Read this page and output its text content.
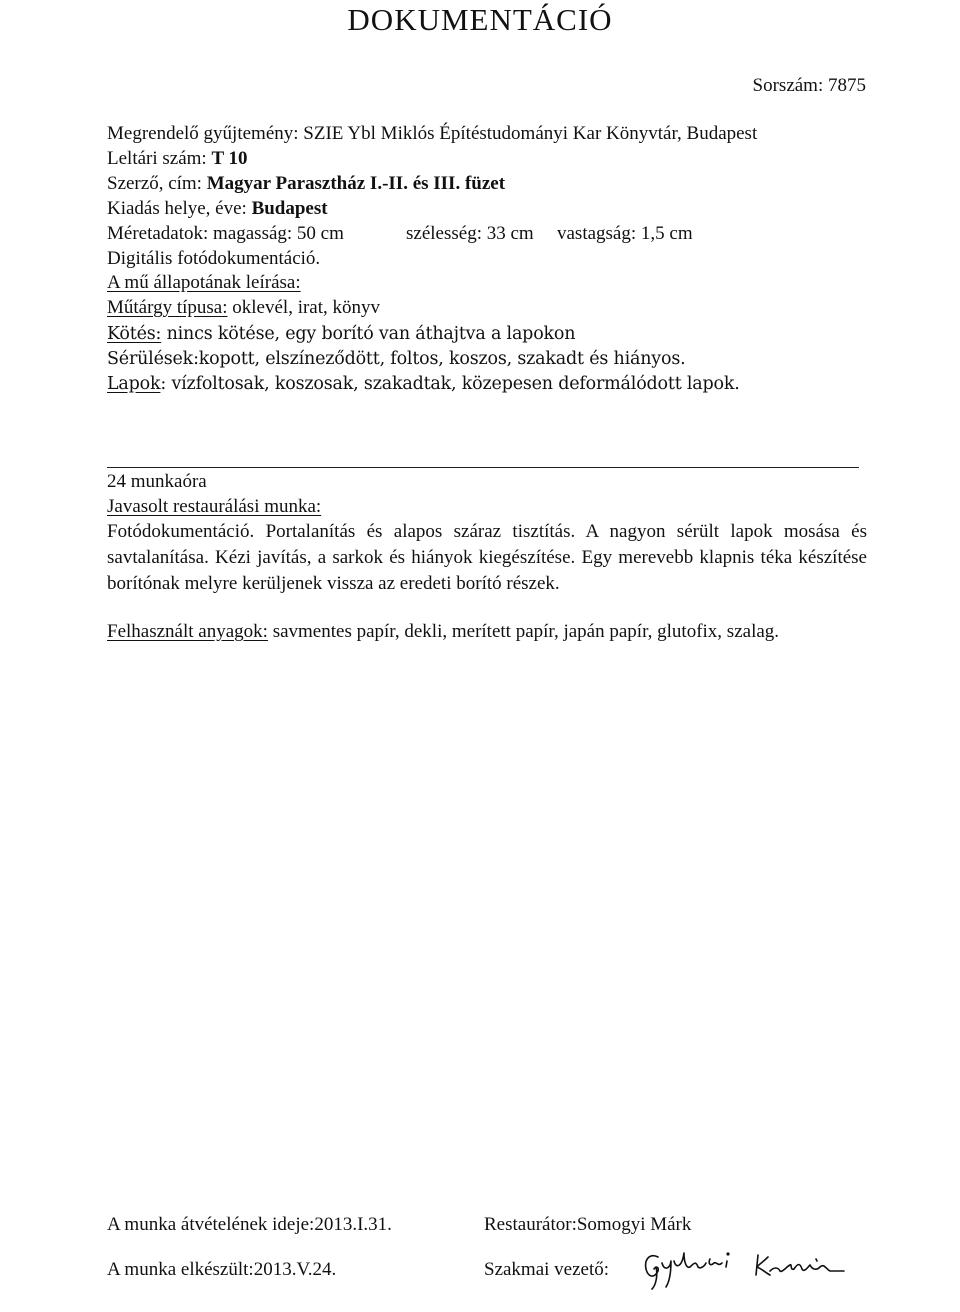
DOKUMENTÁCIÓ
Sorszám: 7875
Megrendelő gyűjtemény: SZIE Ybl Miklós Építéstudományi Kar Könyvtár, Budapest
Leltári szám: T 10
Szerző, cím: Magyar Parasztház I.-II. és III. füzet
Kiadás helye, éve: Budapest
Méretadatok: magasság: 50 cm	szélesség: 33 cm vastagság: 1,5 cm
Digitális fotódokumentáció.
A mű állapotának leírása:
Műtárgy típusa: oklevél, irat, könyv
Kötés: nincs kötése, egy borító van áthajtva a lapokon
Sérülések:kopott, elszíneződött, foltos, koszos, szakadt és hiányos.
Lapok: vízfoltosak, koszosak, szakadtak, közepesen deformálódott lapok.
24 munkaóra
Javasolt restaurálási munka:
Fotódokumentáció. Portalanítás és alapos száraz tisztítás. A nagyon sérült lapok mosása és savtalanítása. Kézi javítás, a sarkok és hiányok kiegészítése. Egy merevebb klapnis téka készítése borítónak melyre kerüljenek vissza az eredeti borító részek.
Felhasznált anyagok: savmentes papír, dekli, merített papír, japán papír, glutofix, szalag.
A munka átvételének ideje:2013.I.31.	Restaurátor:Somogyi Márk
A munka elkészült:2013.V.24.	Szakmai vezető:
